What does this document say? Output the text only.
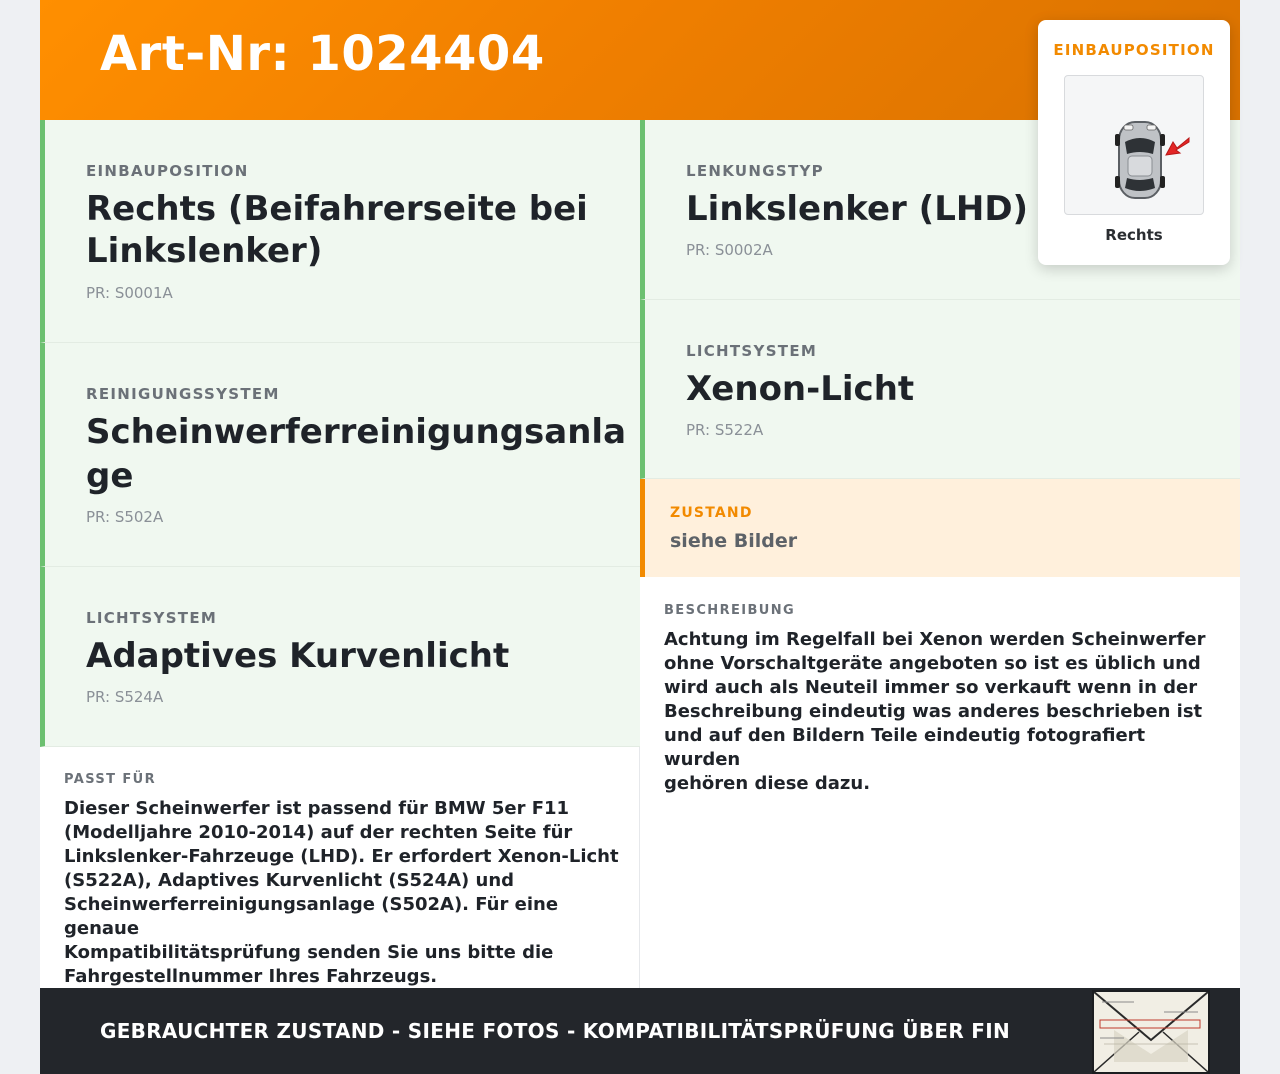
Art-Nr: 1024404	EINBAUPOSITION
Rechts
EINBAUPOSITION
Rechts (Beifahrerseite bei
Linkslenker)
PR: S0001A
REINIGUNGSSYSTEM
Scheinwerferreinigungsanla
ge
PR: S502A
LICHTSYSTEM
Adaptives Kurvenlicht
PR: S524A
LENKUNGSTYP
Linkslenker (LHD)
PR: S0002A
LICHTSYSTEM
Xenon-Licht
PR: S522A
ZUSTAND
siehe Bilder
BESCHREIBUNG
Achtung im Regelfall bei Xenon werden Scheinwerfer
ohne Vorschaltgeräte angeboten so ist es üblich und
wird auch als Neuteil immer so verkauft wenn in der
Beschreibung eindeutig was anderes beschrieben ist
und auf den Bildern Teile eindeutig fotografiert wurden
gehören diese dazu.
PASST FÜR
Dieser Scheinwerfer ist passend für BMW 5er F11
(Modelljahre 2010-2014) auf der rechten Seite für
Linkslenker-Fahrzeuge (LHD). Er erfordert Xenon-Licht
(S522A), Adaptives Kurvenlicht (S524A) und
Scheinwerferreinigungsanlage (S502A). Für eine genaue
Kompatibilitätsprüfung senden Sie uns bitte die
Fahrgestellnummer Ihres Fahrzeugs.
GEBRAUCHTER ZUSTAND - SIEHE FOTOS - KOMPATIBILITÄTSPRÜFUNG ÜBER FIN
